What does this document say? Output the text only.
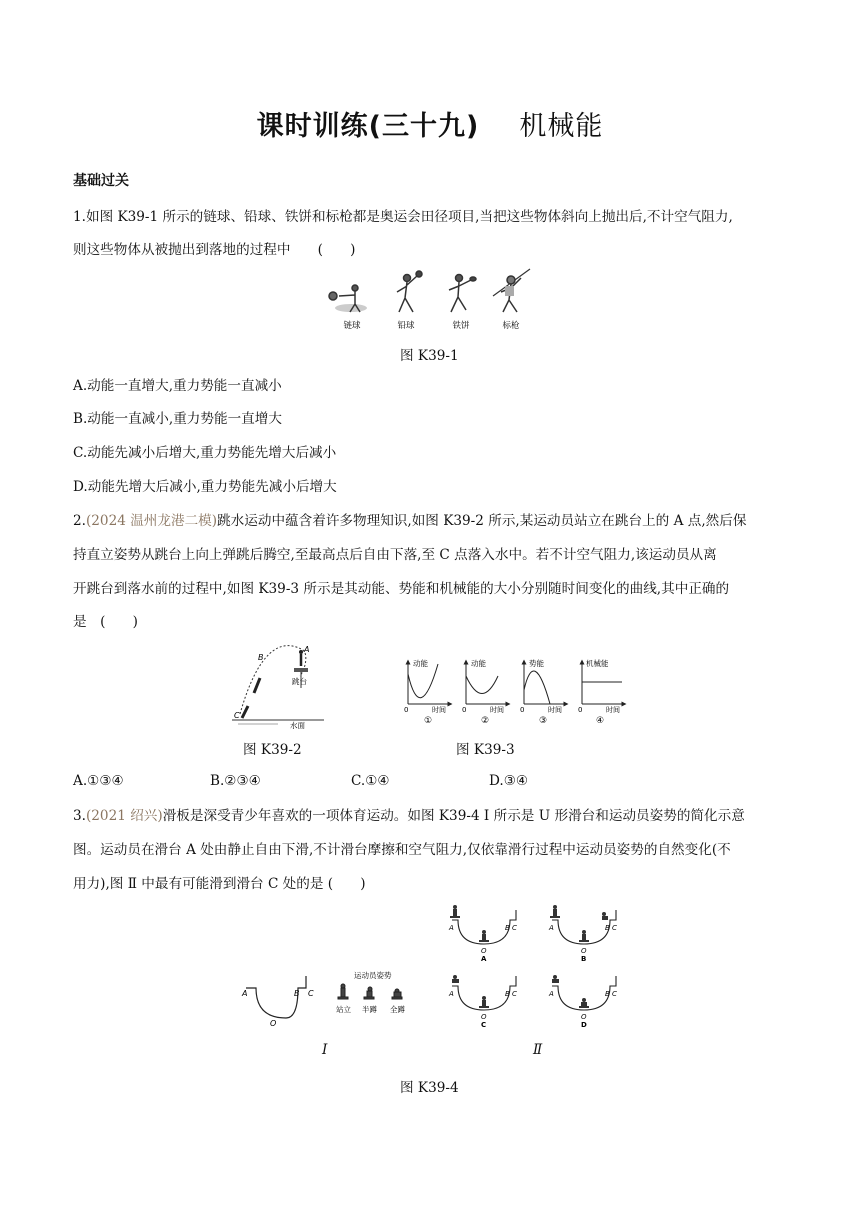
课时训练(三十九) 机械能
基础过关
1.如图 K39-1 所示的链球、铅球、铁饼和标枪都是奥运会田径项目,当把这些物体斜向上抛出后,不计空气阻力,
则这些物体从被抛出到落地的过程中　　(　　)
链球	铅球	铁饼	标枪
图 K39-1
A.动能一直增大,重力势能一直减小
B.动能一直减小,重力势能一直增大
C.动能先减小后增大,重力势能先增大后减小
D.动能先增大后减小,重力势能先减小后增大
2.(2024 温州龙港二模)跳水运动中蕴含着许多物理知识,如图 K39-2 所示,某运动员站立在跳台上的 A 点,然后保
持直立姿势从跳台上向上弹跳后腾空,至最高点后自由下落,至 C 点落入水中。若不计空气阻力,该运动员从离
开跳台到落水前的过程中,如图 K39-3 所示是其动能、势能和机械能的大小分别随时间变化的曲线,其中正确的
是　(　　)
B
A
C
跳台
水面
图 K39-2
动能
时间
0
①
动能
时间
0
②
势能
时间
0
③
机械能
时间
0
④
图 K39-3
A.①③④	B.②③④	C.①④	D.③④
3.(2021 绍兴)滑板是深受青少年喜欢的一项体育运动。如图 K39-4 Ⅰ 所示是 U 形滑台和运动员姿势的简化示意
图。运动员在滑台 A 处由静止自由下滑,不计滑台摩擦和空气阻力,仅依靠滑行过程中运动员姿势的自然变化(不
用力),图 Ⅱ 中最有可能滑到滑台 C 处的是 (　　)
A	B C
O
运动员姿势
站立 半蹲 全蹲
A	B C
O
A
A	B C
O
B
A	B C
O
C
A	B C
O
D
Ⅰ	Ⅱ
图 K39-4
